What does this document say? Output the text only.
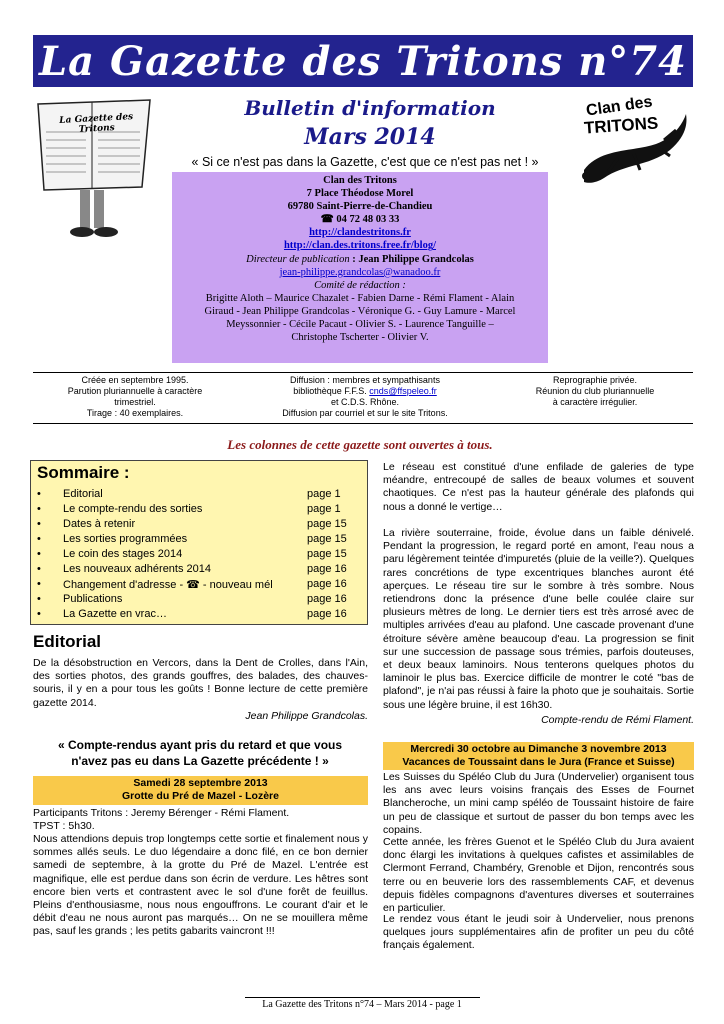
La Gazette des Tritons n°74
La Gazette des Tritons
Bulletin d'information
Mars 2014
Clan des
TRITONS
« Si ce n'est pas dans la Gazette, c'est que ce n'est pas net ! »
Clan des Tritons
7 Place Théodose Morel
69780 Saint-Pierre-de-Chandieu
☎ 04 72 48 03 33
http://clandestritons.fr
http://clan.des.tritons.free.fr/blog/
Directeur de publication : Jean Philippe Grandcolas
jean-philippe.grandcolas@wanadoo.fr
Comité de rédaction :
Brigitte Aloth – Maurice Chazalet - Fabien Darne - Rémi Flament - Alain
Giraud - Jean Philippe Grandcolas - Véronique G. - Guy Lamure - Marcel
Meyssonnier - Cécile Pacaut - Olivier S. - Laurence Tanguille –
Christophe Tscherter - Olivier V.
Créée en septembre 1995.
Parution pluriannuelle à caractère
trimestriel.
Tirage : 40 exemplaires.
Diffusion : membres et sympathisants
bibliothèque F.F.S. cnds@ffspeleo.fr
et C.D.S. Rhône.
Diffusion par courriel et sur le site Tritons.
Reprographie privée.
Réunion du club pluriannuelle
à caractère irrégulier.
Les colonnes de cette gazette sont ouvertes à tous.
Sommaire :
• Editorial	page 1
• Le compte-rendu des sorties	page 1
• Dates à retenir	page 15
• Les sorties programmées	page 15
• Le coin des stages 2014	page 15
• Les nouveaux adhérents 2014	page 16
• Changement d'adresse - ☎ - nouveau mél	page 16
• Publications	page 16
• La Gazette en vrac…	page 16
Editorial
De la désobstruction en Vercors, dans la Dent de Crolles, dans l'Ain, des sorties photos, des grands gouffres, des balades, des chauves-souris, il y en a pour tous les goûts ! Bonne lecture de cette première gazette 2014.
Jean Philippe Grandcolas.
« Compte-rendus ayant pris du retard et que vous n'avez pas eu dans La Gazette précédente ! »
Samedi 28 septembre 2013
Grotte du Pré de Mazel - Lozère
Participants Tritons : Jeremy Bérenger - Rémi Flament.
TPST : 5h30.
Nous attendions depuis trop longtemps cette sortie et finalement nous y sommes allés seuls. Le duo légendaire a donc filé, en ce bon dernier samedi de septembre, à la grotte du Pré de Mazel. L'entrée est magnifique, elle est perdue dans son écrin de verdure. Les hêtres sont encore bien verts et contrastent avec le sol d'une forêt de feuillus. Pleins d'enthousiasme, nous nous engouffrons. Le courant d'air et le débit d'eau ne nous auront pas marqués… On ne se mouillera même pas, sauf les grands ; les petits gabarits vaincront !!!
Le réseau est constitué d'une enfilade de galeries de type méandre, entrecoupé de salles de beaux volumes et souvent chaotiques. Ce n'est pas la hauteur générale des plafonds qui nous a donné le vertige…
La rivière souterraine, froide, évolue dans un faible dénivelé. Pendant la progression, le regard porté en amont, l'eau nous a paru légèrement teintée d'impuretés (pluie de la veille?). Quelques rares concrétions de type excentriques blanches auront été aperçues. Le réseau tire sur le sombre à très sombre. Nous retiendrons donc la présence d'une belle coulée claire sur plusieurs mètres de long. Le dernier tiers est très arrosé avec de multiples arrivées d'eau au plafond. Une cascade provenant d'une étroiture sévère amène beaucoup d'eau. La progression se finit sur une succession de passage sous trémies, parfois douteuses, et deux beaux laminoirs. Nous tenterons quelques photos du laminoir le plus bas. Exercice difficile de montrer le coté "bas de plafond", je n'ai pas réussi à faire la photo que je souhaitais. Sortie sous une légère bruine, il est 16h30.
Compte-rendu de Rémi Flament.
Mercredi 30 octobre au Dimanche 3 novembre 2013
Vacances de Toussaint dans le Jura (France et Suisse)
Les Suisses du Spéléo Club du Jura (Undervelier) organisent tous les ans avec leurs voisins français des Esses de Fournet Blancheroche, un mini camp spéléo de Toussaint histoire de faire un peu de classique et surtout de passer du bon temps avec les copains.
Cette année, les frères Guenot et le Spéléo Club du Jura avaient donc élargi les invitations à quelques cafistes et assimilables de Clermont Ferrand, Chambéry, Grenoble et Dijon, rencontrés sous terre ou en beuverie lors des rassemblements CAF, et devenus depuis fidèles compagnons d'aventures diverses et souterraines en particulier.
Le rendez vous étant le jeudi soir à Undervelier, nous prenons quelques jours supplémentaires afin de profiter un peu du côté français également.
La Gazette des Tritons n°74 – Mars 2014 - page 1
